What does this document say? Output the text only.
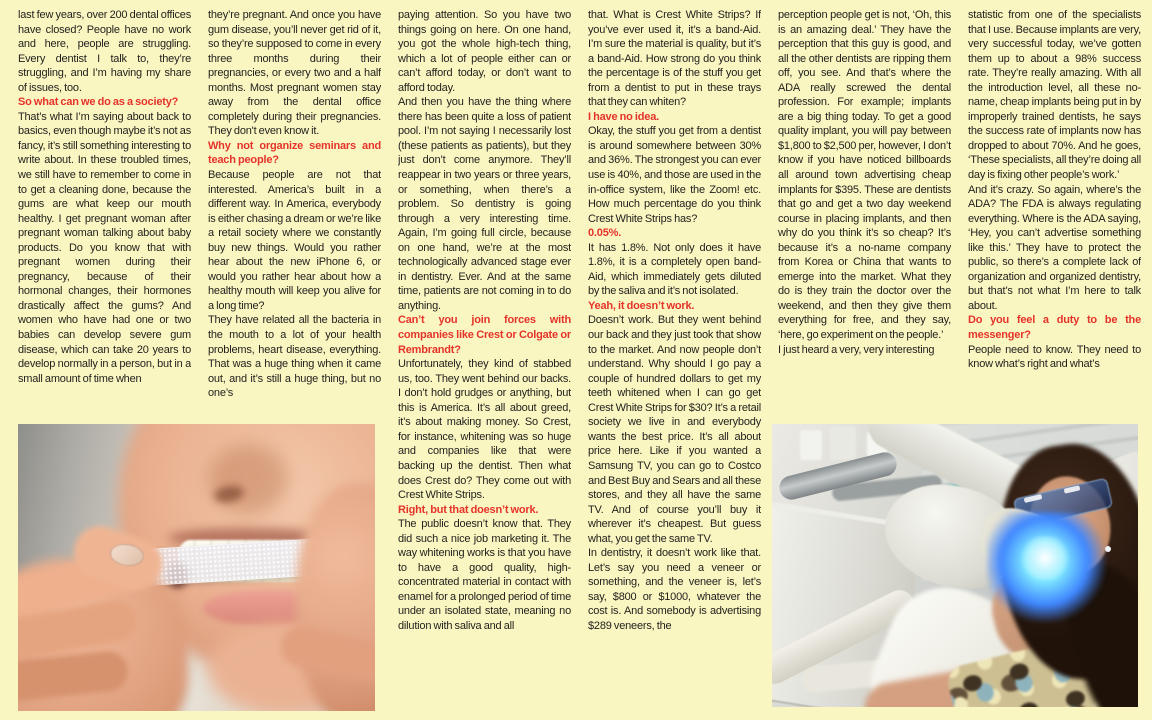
last few years, over 200 dental offices have closed? People have no work and here, people are struggling. Every dentist I talk to, they’re struggling, and I’m having my share of issues, too.

So what can we do as a society?

That’s what I’m saying about back to basics, even though maybe it’s not as fancy, it’s still something interesting to write about. In these troubled times, we still have to remember to come in to get a cleaning done, because the gums are what keep our mouth healthy. I get pregnant woman after pregnant woman talking about baby products. Do you know that with pregnant women during their pregnancy, because of their hormonal changes, their hormones drastically affect the gums? And women who have had one or two babies can develop severe gum disease, which can take 20 years to develop normally in a person, but in a small amount of time when

they’re pregnant. And once you have gum disease, you’ll never get rid of it, so they’re supposed to come in every three months during their pregnancies, or every two and a half months. Most pregnant women stay away from the dental office completely during their pregnancies. They don't even know it.

Why not organize seminars and teach people?

Because people are not that interested. America’s built in a different way. In America, everybody is either chasing a dream or we’re like a retail society where we constantly buy new things. Would you rather hear about the new iPhone 6, or would you rather hear about how a healthy mouth will keep you alive for a long time?

They have related all the bacteria in the mouth to a lot of your health problems, heart disease, everything. That was a huge thing when it came out, and it’s still a huge thing, but no one’s

paying attention. So you have two things going on here. On one hand, you got the whole high-tech thing, which a lot of people either can or can’t afford today, or don’t want to afford today.

And then you have the thing where there has been quite a loss of patient pool. I’m not saying I necessarily lost (these patients as patients), but they just don’t come anymore. They’ll reappear in two years or three years, or something, when there’s a problem. So dentistry is going through a very interesting time. Again, I’m going full circle, because on one hand, we’re at the most technologically advanced stage ever in dentistry. Ever. And at the same time, patients are not coming in to do anything.

Can’t you join forces with companies like Crest or Colgate or Rembrandt?

Unfortunately, they kind of stabbed us, too. They went behind our backs. I don’t hold grudges or anything, but this is America. It’s all about greed, it’s about making money. So Crest, for instance, whitening was so huge and companies like that were backing up the dentist. Then what does Crest do? They come out with Crest White Strips.

Right, but that doesn’t work.

The public doesn’t know that. They did such a nice job marketing it. The way whitening works is that you have to have a good quality, high-concentrated material in contact with enamel for a prolonged period of time under an isolated state, meaning no dilution with saliva and all

that. What is Crest White Strips? If you’ve ever used it, it’s a band-Aid. I’m sure the material is quality, but it’s a band-Aid. How strong do you think the percentage is of the stuff you get from a dentist to put in these trays that they can whiten?

I have no idea.

Okay, the stuff you get from a dentist is around somewhere between 30% and 36%. The strongest you can ever use is 40%, and those are used in the in-office system, like the Zoom! etc. How much percentage do you think Crest White Strips has?

0.05%.

It has 1.8%. Not only does it have 1.8%, it is a completely open band-Aid, which immediately gets diluted by the saliva and it’s not isolated.

Yeah, it doesn’t work.

Doesn’t work. But they went behind our back and they just took that show to the market. And now people don’t understand. Why should I go pay a couple of hundred dollars to get my teeth whitened when I can go get Crest White Strips for $30? It’s a retail society we live in and everybody wants the best price. It’s all about price here. Like if you wanted a Samsung TV, you can go to Costco and Best Buy and Sears and all these stores, and they all have the same TV. And of course you’ll buy it wherever it’s cheapest. But guess what, you get the same TV.

In dentistry, it doesn’t work like that. Let’s say you need a veneer or something, and the veneer is, let’s say, $800 or $1000, whatever the cost is. And somebody is advertising $289 veneers, the

perception people get is not, ‘Oh, this is an amazing deal.’ They have the perception that this guy is good, and all the other dentists are ripping them off, you see. And that’s where the ADA really screwed the dental profession. For example; implants are a big thing today. To get a good quality implant, you will pay between $1,800 to $2,500 per, however, I don’t know if you have noticed billboards all around town advertising cheap implants for $395. These are dentists that go and get a two day weekend course in placing implants, and then why do you think it’s so cheap? It’s because it’s a no-name company from Korea or China that wants to emerge into the market. What they do is they train the doctor over the weekend, and then they give them everything for free, and they say, ‘here, go experiment on the people.’

I just heard a very, very interesting

statistic from one of the specialists that I use. Because implants are very, very successful today, we’ve gotten them up to about a 98% success rate. They’re really amazing. With all the introduction level, all these no-name, cheap implants being put in by improperly trained dentists, he says the success rate of implants now has dropped to about 70%. And he goes, ‘These specialists, all they’re doing all day is fixing other people’s work.’

And it’s crazy. So again, where’s the ADA? The FDA is always regulating everything. Where is the ADA saying, ‘Hey, you can’t advertise something like this.’ They have to protect the public, so there’s a complete lack of organization and organized dentistry, but that’s not what I’m here to talk about.

Do you feel a duty to be the messenger?

People need to know. They need to know what’s right and what’s
